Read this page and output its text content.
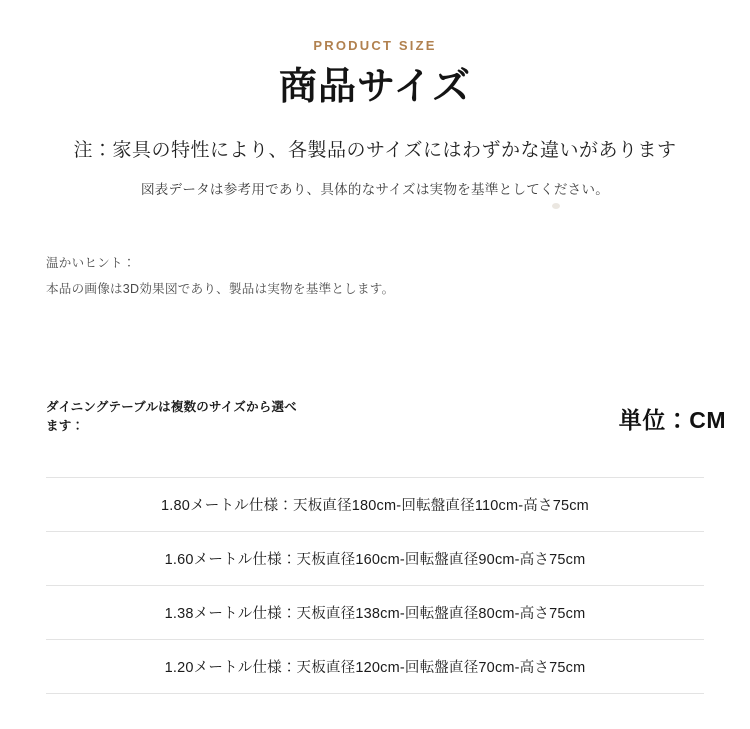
PRODUCT SIZE
商品サイズ
注：家具の特性により、各製品のサイズにはわずかな違いがあります
図表データは参考用であり、具体的なサイズは実物を基準としてください。
温かいヒント：
本品の画像は3D効果図であり、製品は実物を基準とします。
ダイニングテーブルは複数のサイズから選べます：	単位：CM
1.80メートル仕様：天板直径180cm-回転盤直径110cm-高さ75cm
1.60メートル仕様：天板直径160cm-回転盤直径90cm-高さ75cm
1.38メートル仕様：天板直径138cm-回転盤直径80cm-高さ75cm
1.20メートル仕様：天板直径120cm-回転盤直径70cm-高さ75cm
